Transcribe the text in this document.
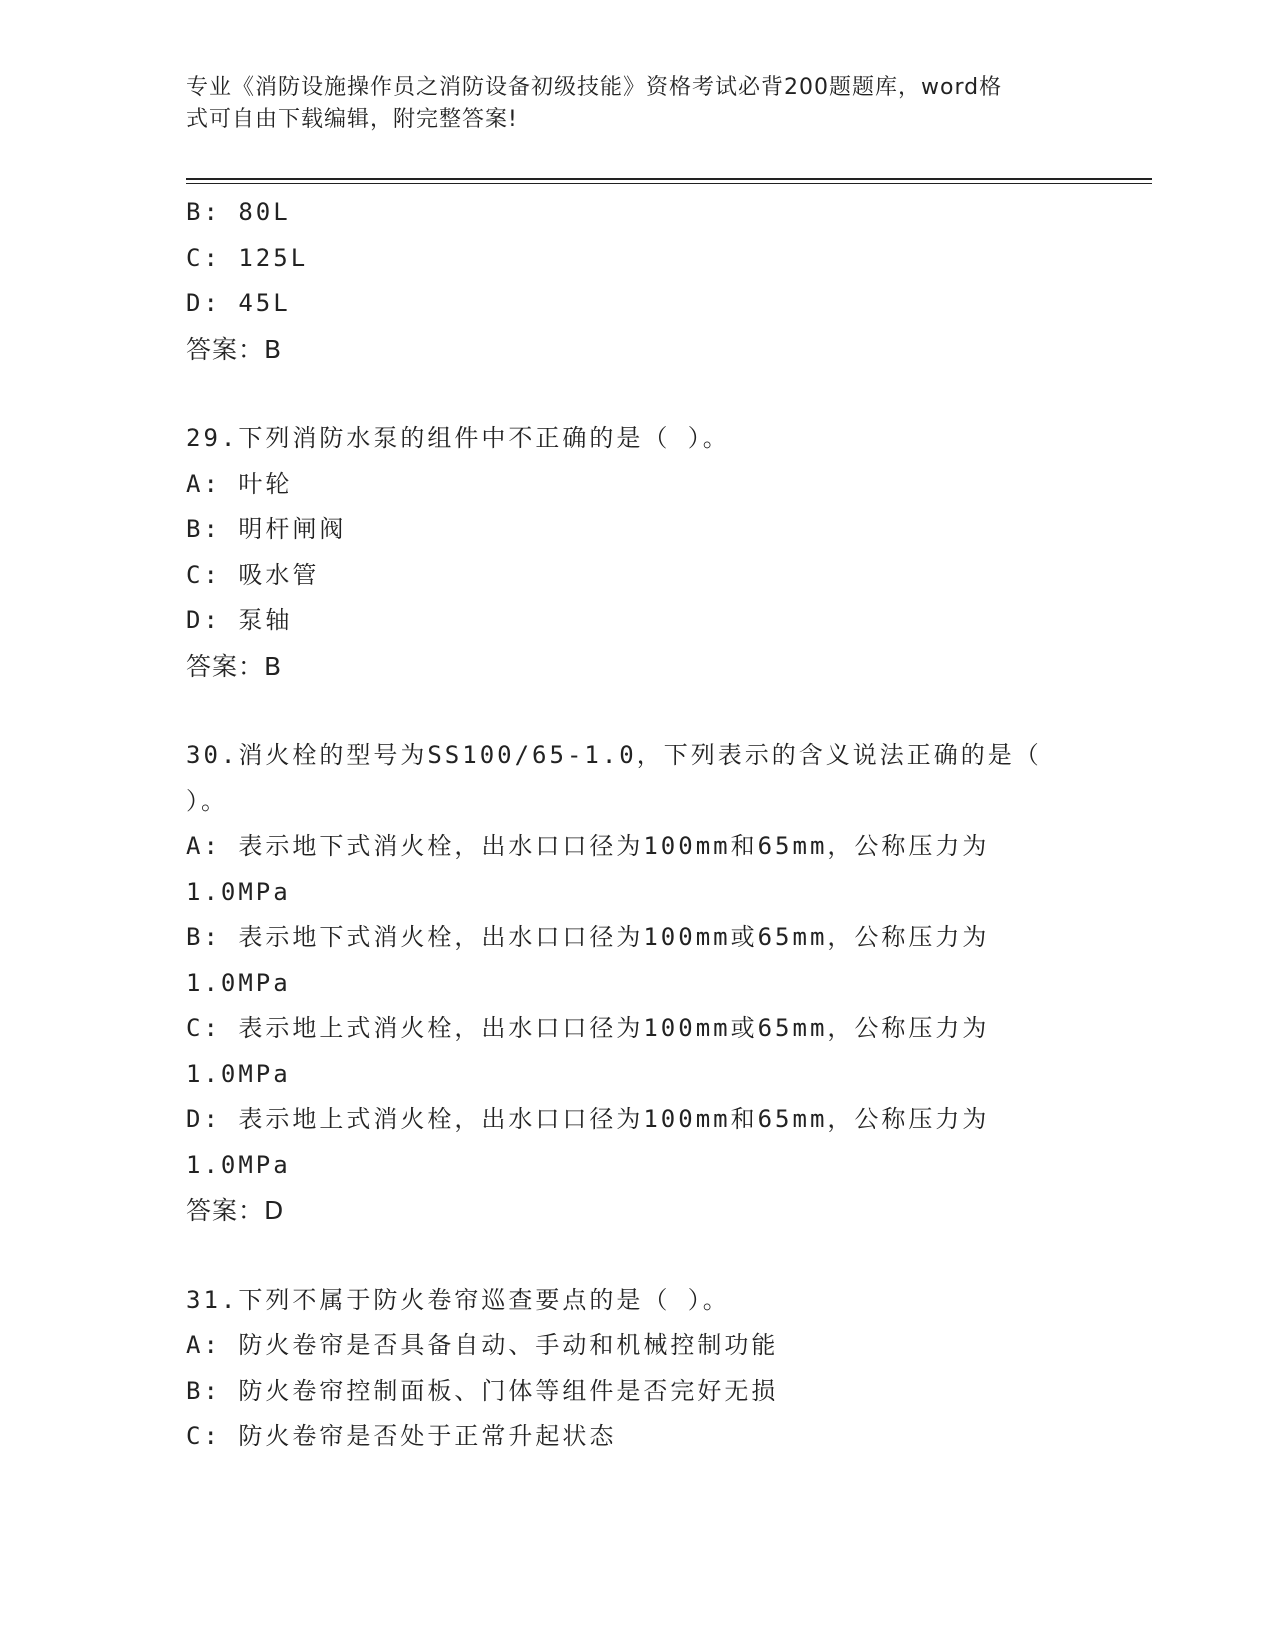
专业《消防设施操作员之消防设备初级技能》资格考试必背200题题库，word格
式可自由下载编辑，附完整答案!
B: 80L
C: 125L
D: 45L
答案：B
29.下列消防水泵的组件中不正确的是（ ）。
A: 叶轮
B: 明杆闸阀
C: 吸水管
D: 泵轴
答案：B
30.消火栓的型号为SS100/65-1.0，下列表示的含义说法正确的是（
）。
A: 表示地下式消火栓，出水口口径为100mm和65mm，公称压力为
1.0MPa
B: 表示地下式消火栓，出水口口径为100mm或65mm，公称压力为
1.0MPa
C: 表示地上式消火栓，出水口口径为100mm或65mm，公称压力为
1.0MPa
D: 表示地上式消火栓，出水口口径为100mm和65mm，公称压力为
1.0MPa
答案：D
31.下列不属于防火卷帘巡查要点的是（ ）。
A: 防火卷帘是否具备自动、手动和机械控制功能
B: 防火卷帘控制面板、门体等组件是否完好无损
C: 防火卷帘是否处于正常升起状态
